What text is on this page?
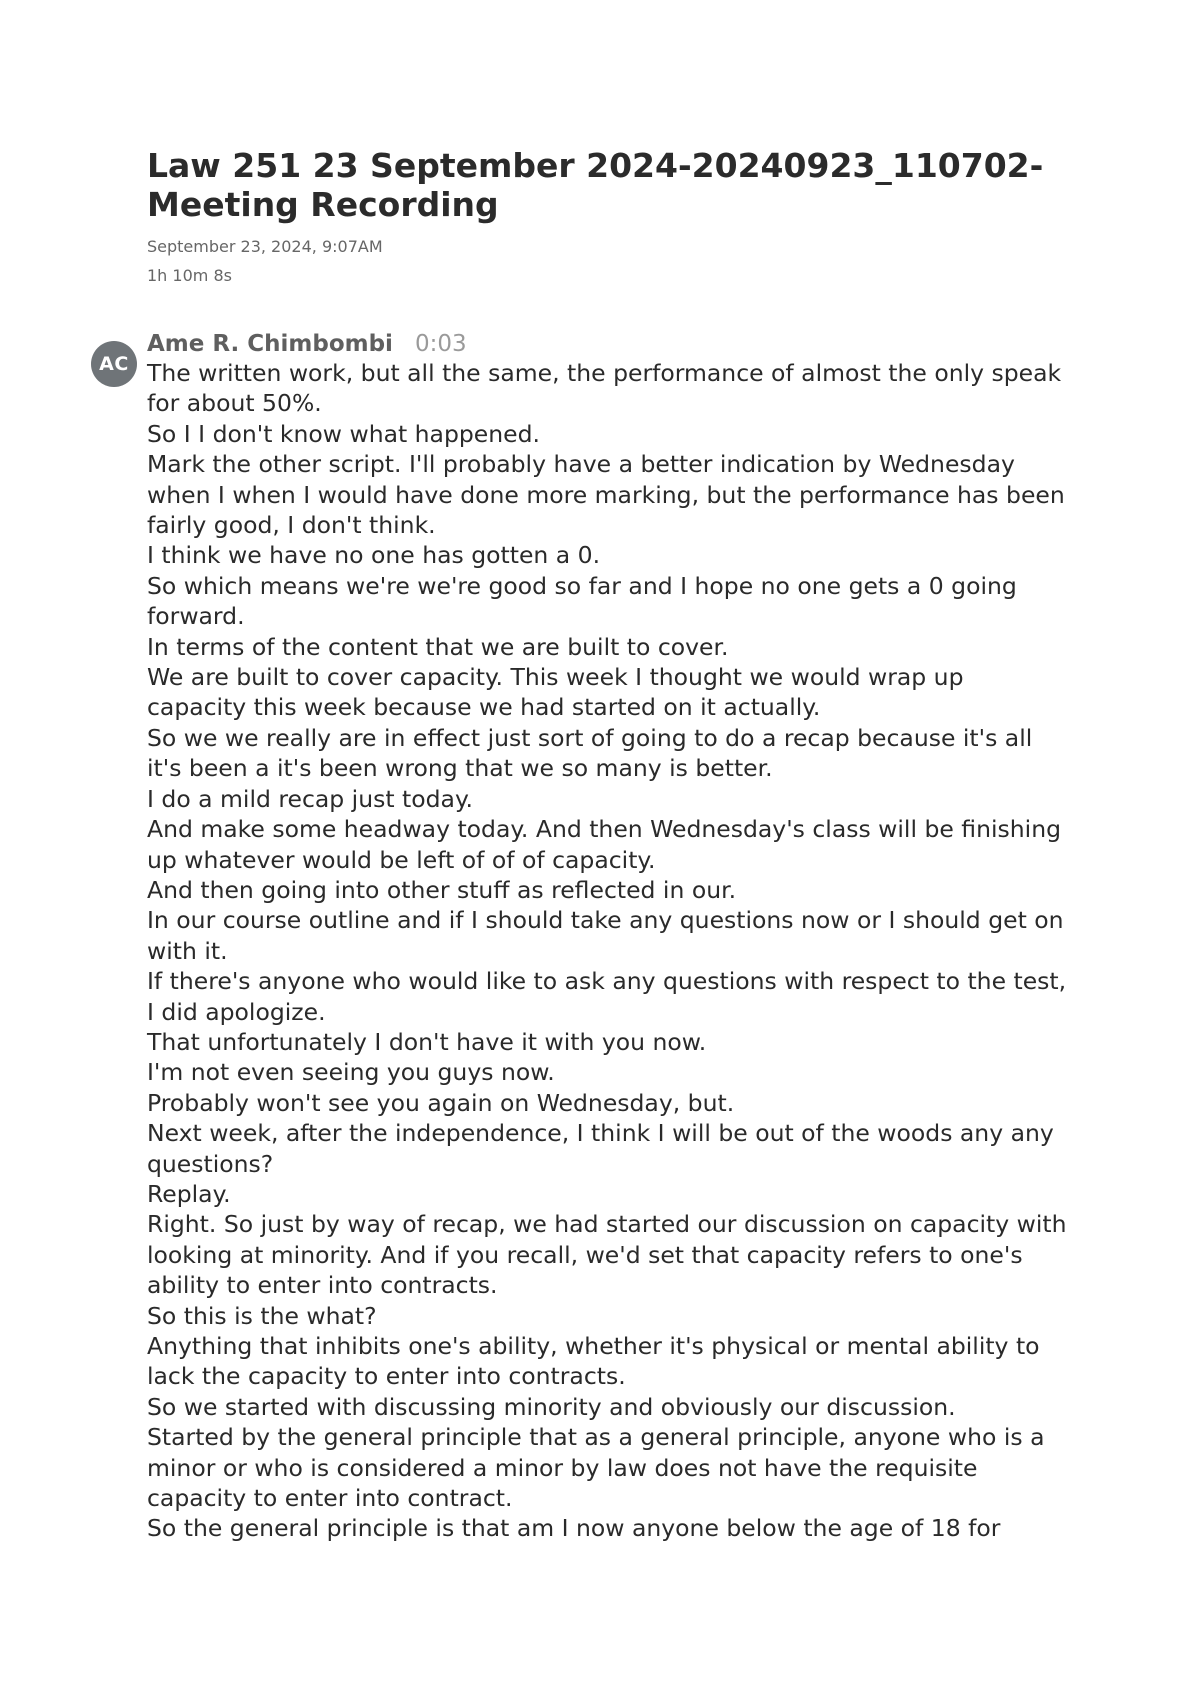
Law 251 23 September 2024-20240923_110702-Meeting Recording
September 23, 2024, 9:07AM
1h 10m 8s
AC
Ame R. Chimbombi 0:03

The written work, but all the same, the performance of almost the only speak for about 50%.

So I I don't know what happened.

Mark the other script. I'll probably have a better indication by Wednesday when I when I would have done more marking, but the performance has been fairly good, I don't think.

I think we have no one has gotten a 0.

So which means we're we're good so far and I hope no one gets a 0 going forward.

In terms of the content that we are built to cover.

We are built to cover capacity. This week I thought we would wrap up capacity this week because we had started on it actually.

So we we really are in effect just sort of going to do a recap because it's all it's been a it's been wrong that we so many is better.

I do a mild recap just today.

And make some headway today. And then Wednesday's class will be finishing up whatever would be left of of of capacity.

And then going into other stuff as reflected in our.

In our course outline and if I should take any questions now or I should get on with it.

If there's anyone who would like to ask any questions with respect to the test, I did apologize.

That unfortunately I don't have it with you now.

I'm not even seeing you guys now.

Probably won't see you again on Wednesday, but.

Next week, after the independence, I think I will be out of the woods any any questions?

Replay.

Right. So just by way of recap, we had started our discussion on capacity with looking at minority. And if you recall, we'd set that capacity refers to one's ability to enter into contracts.

So this is the what?

Anything that inhibits one's ability, whether it's physical or mental ability to lack the capacity to enter into contracts.

So we started with discussing minority and obviously our discussion.

Started by the general principle that as a general principle, anyone who is a minor or who is considered a minor by law does not have the requisite capacity to enter into contract.

So the general principle is that am I now anyone below the age of 18 for
